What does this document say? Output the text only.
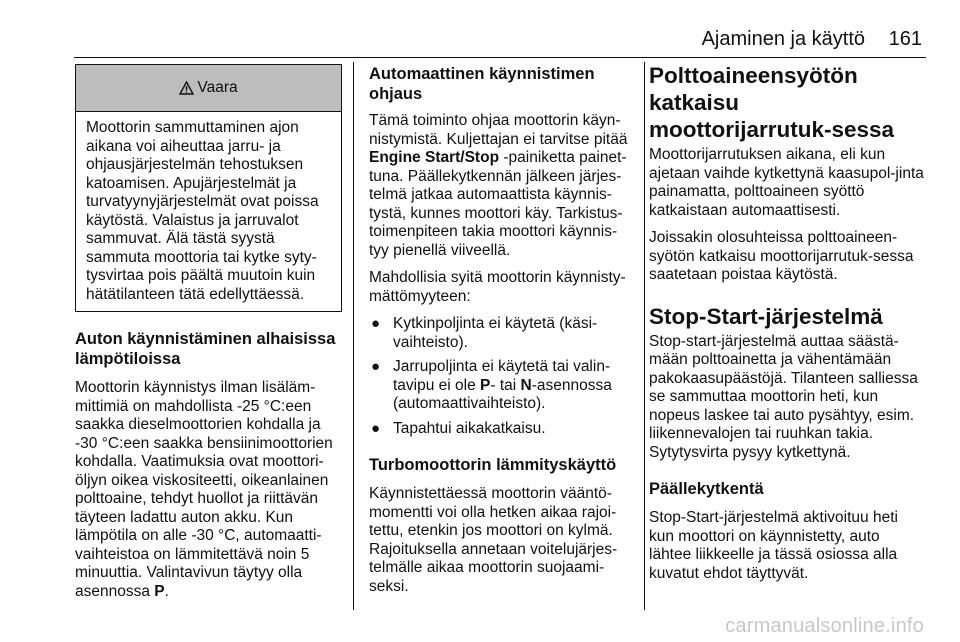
Ajaminen ja käyttö 161
Vaara

Moottorin sammuttaminen ajon aikana voi aiheuttaa jarru- ja ohjausjärjestelmän tehostuksen katoamisen. Apujärjestelmät ja turvatyynyjärjestelmät ovat poissa käytöstä. Valaistus ja jarruvalot sammuvat. Älä tästä syystä sammuta moottoria tai kytke syty-tysvirtaa pois päältä muutoin kuin hätätilanteen tätä edellyttäessä.

Auton käynnistäminen alhaisissa lämpötiloissa

Moottorin käynnistys ilman lisäläm-mittimiä on mahdollista -25 °C:een saakka dieselmoottorien kohdalla ja -30 °C:een saakka bensiinimoottorien kohdalla. Vaatimuksia ovat moottori-öljyn oikea viskositeetti, oikeanlainen polttoaine, tehdyt huollot ja riittävän täyteen ladattu auton akku. Kun lämpötila on alle -30 °C, automaatti-vaihteistoa on lämmitettävä noin 5 minuuttia. Valintavivun täytyy olla asennossa P.

Automaattinen käynnistimen ohjaus

Tämä toiminto ohjaa moottorin käyn-nistymistä. Kuljettajan ei tarvitse pitää Engine Start/Stop -painiketta painet-tuna. Päällekytkennän jälkeen järjes-telmä jatkaa automaattista käynnis-tystä, kunnes moottori käy. Tarkistus-toimenpiteen takia moottori käynnis-tyy pienellä viiveellä.

Mahdollisia syitä moottorin käynnisty-mättömyyteen:

● Kytkinpoljinta ei käytetä (käsi-vaihteisto).
● Jarrupoljinta ei käytetä tai valin-tavipu ei ole P- tai N-asennossa (automaattivaihteisto).
● Tapahtui aikakatkaisu.
Turbomoottorin lämmityskäyttö

Käynnistettäessä moottorin vääntö-momentti voi olla hetken aikaa rajoi-tettu, etenkin jos moottori on kylmä. Rajoituksella annetaan voitelujärjes-telmälle aikaa moottorin suojaami-seksi.

Polttoaineensyötön katkaisu moottorijarrutuk-sessa

Moottorijarrutuksen aikana, eli kun ajetaan vaihde kytkettynä kaasupol-jinta painamatta, polttoaineen syöttö katkaistaan automaattisesti.

Joissakin olosuhteissa polttoaineen-syötön katkaisu moottorijarrutuk-sessa saatetaan poistaa käytöstä.

Stop-Start-järjestelmä

Stop-start-järjestelmä auttaa säästä-mään polttoainetta ja vähentämään pakokaasupäästöjä. Tilanteen salliessa se sammuttaa moottorin heti, kun nopeus laskee tai auto pysähtyy, esim. liikennevalojen tai ruuhkan takia. Sytytysvirta pysyy kytkettynä.

Päällekytkentä

Stop-Start-järjestelmä aktivoituu heti kun moottori on käynnistetty, auto lähtee liikkeelle ja tässä osiossa alla kuvatut ehdot täyttyvät.

carmanualsonline.info
